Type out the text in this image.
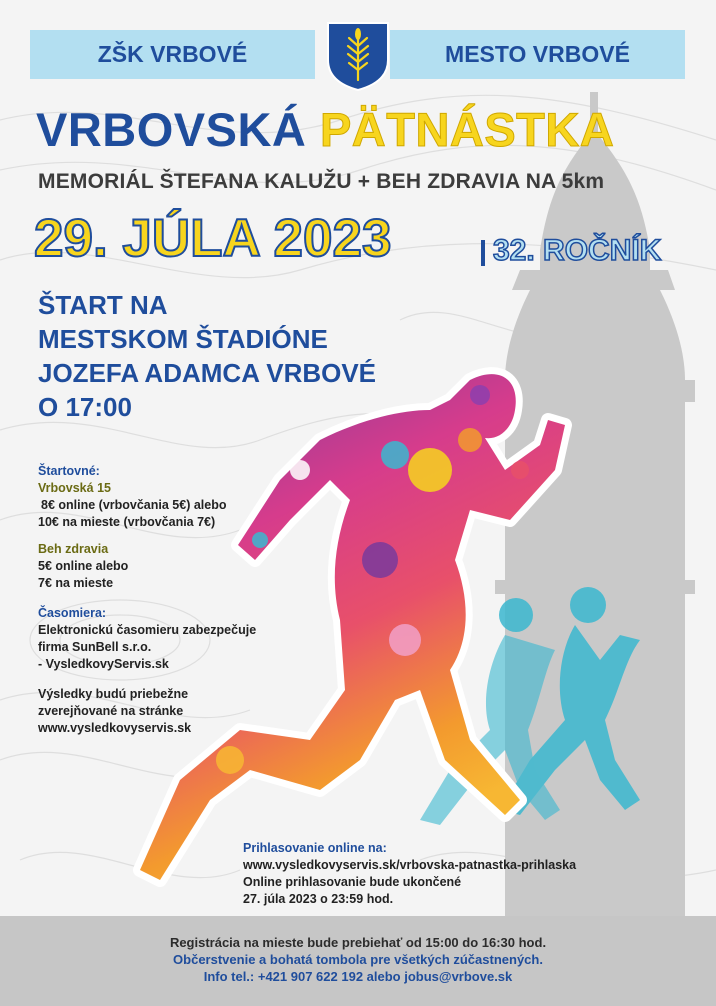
ZŠK VRBOVÉ	MESTO VRBOVÉ
VRBOVSKÁ PÄTNÁSTKA
MEMORIÁL ŠTEFANA KALUŽU + BEH ZDRAVIA NA 5km
29. JÚLA 2023	32. ROČNÍK
ŠTART NA
MESTSKOM ŠTADIÓNE
JOZEFA ADAMCA VRBOVÉ
O 17:00
Štartovné:
Vrbovská 15
8€ online (vrbovčania 5€) alebo
10€ na mieste (vrbovčania 7€)
Beh zdravia
5€ online alebo
7€ na mieste
Časomiera:
Elektronickú časomieru zabezpečuje
firma SunBell s.r.o.
- VysledkovyServis.sk
Výsledky budú priebežne
zverejňované na stránke
www.vysledkovyservis.sk
Prihlasovanie online na:
www.vysledkovyservis.sk/vrbovska-patnastka-prihlaska
Online prihlasovanie bude ukončené
27. júla 2023 o 23:59 hod.
Registrácia na mieste bude prebiehať od 15:00 do 16:30 hod.
Občerstvenie a bohatá tombola pre všetkých zúčastnených.
Info tel.: +421 907 622 192 alebo jobus@vrbove.sk
